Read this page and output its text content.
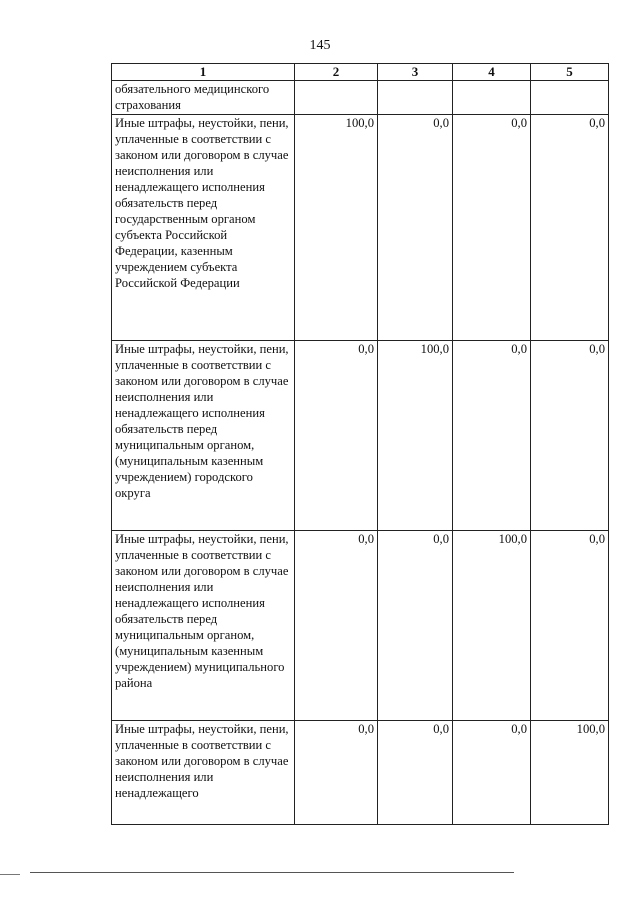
145
1	2	3	4	5
обязательного медицинского страхования				
Иные штрафы, неустойки, пени, уплаченные в соответствии с законом или договором в случае неисполнения или ненадлежащего исполнения обязательств перед государственным органом субъекта Российской Федерации, казенным учреждением субъекта Российской Федерации	100,0	0,0	0,0	0,0
Иные штрафы, неустойки, пени, уплаченные в соответствии с законом или договором в случае неисполнения или ненадлежащего исполнения обязательств перед муниципальным органом, (муниципальным казенным учреждением) городского округа	0,0	100,0	0,0	0,0
Иные штрафы, неустойки, пени, уплаченные в соответствии с законом или договором в случае неисполнения или ненадлежащего исполнения обязательств перед муниципальным органом, (муниципальным казенным учреждением) муниципального района	0,0	0,0	100,0	0,0
Иные штрафы, неустойки, пени, уплаченные в соответствии с законом или договором в случае неисполнения или ненадлежащего	0,0	0,0	0,0	100,0
